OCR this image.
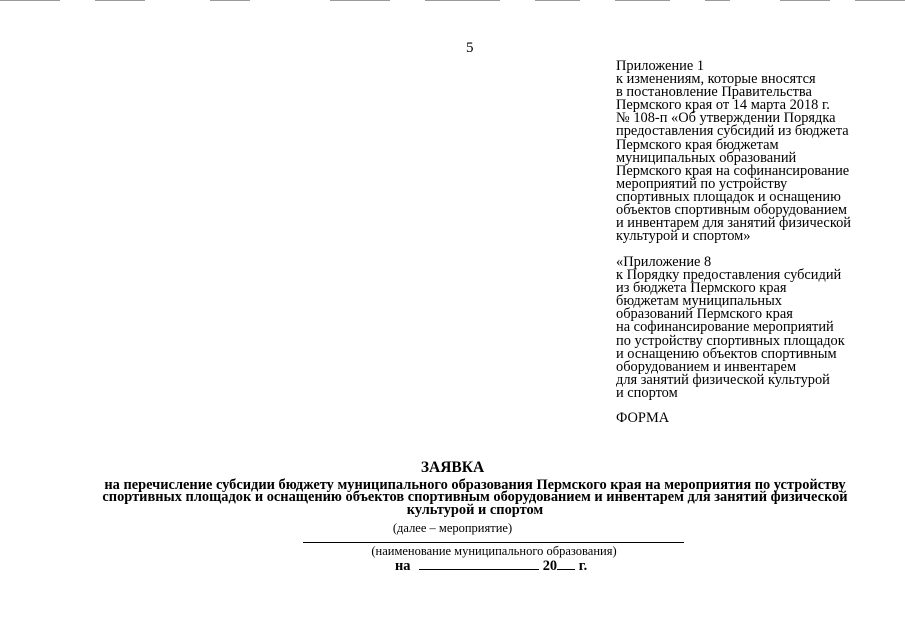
5
Приложение 1
к изменениям, которые вносятся
в постановление Правительства
Пермского края от 14 марта 2018 г.
№ 108-п «Об утверждении Порядка
предоставления субсидий из бюджета
Пермского края бюджетам
муниципальных образований
Пермского края на софинансирование
мероприятий по устройству
спортивных площадок и оснащению
объектов спортивным оборудованием
и инвентарем для занятий физической
культурой и спортом»
«Приложение 8
к Порядку предоставления субсидий
из бюджета Пермского края
бюджетам муниципальных
образований Пермского края
на софинансирование мероприятий
по устройству спортивных площадок
и оснащению объектов спортивным
оборудованием и инвентарем
для занятий физической культурой
и спортом
ФОРМА
ЗАЯВКА
на перечисление субсидии бюджету муниципального образования Пермского края на мероприятия по устройству
спортивных площадок и оснащению объектов спортивным оборудованием и инвентарем для занятий физической
культурой и спортом
(далее – мероприятие)
(наименование муниципального образования)
на	20 г.
